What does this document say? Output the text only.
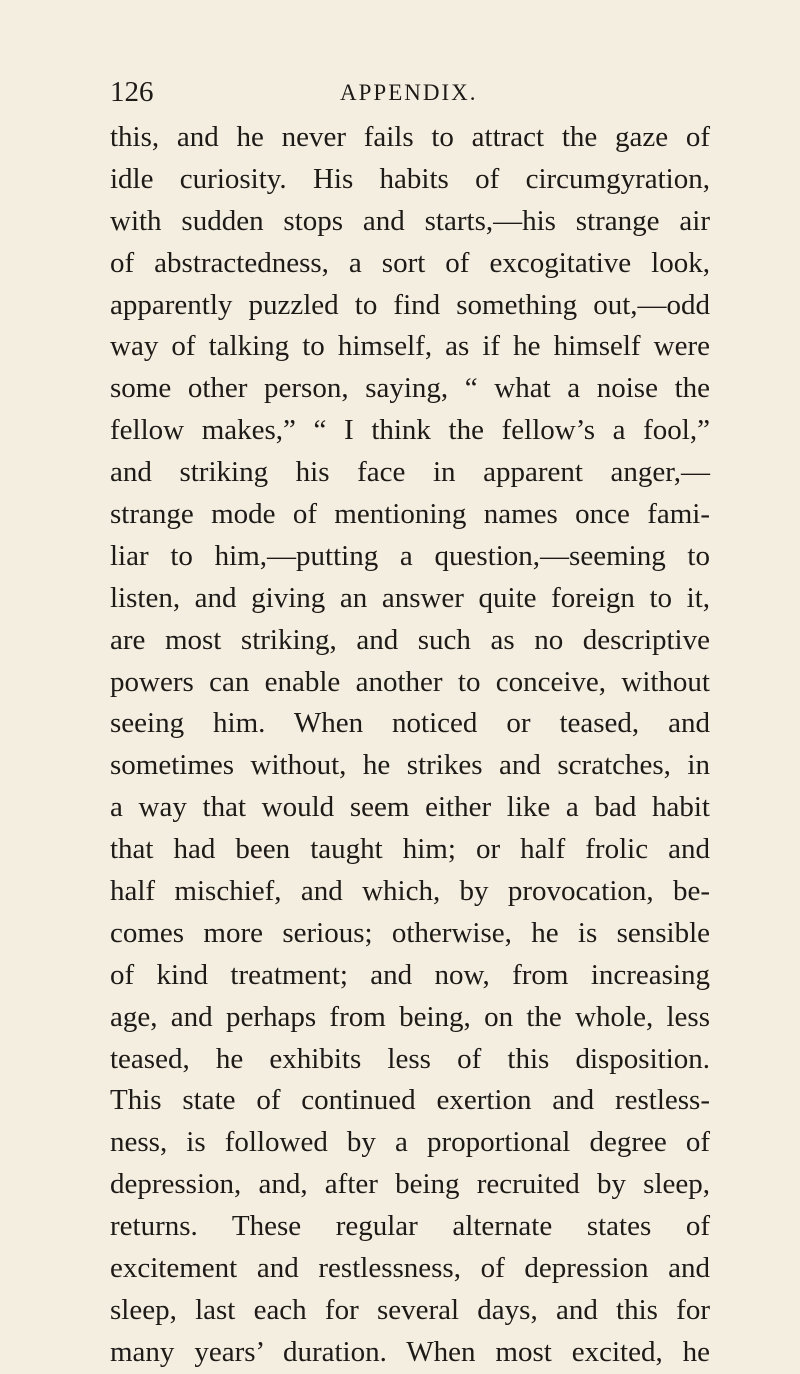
126	APPENDIX.
this, and he never fails to attract the gaze of
idle curiosity. His habits of circumgyration,
with sudden stops and starts,—his strange air
of abstractedness, a sort of excogitative look,
apparently puzzled to find something out,—odd
way of talking to himself, as if he himself were
some other person, saying, “ what a noise the
fellow makes,” “ I think the fellow’s a fool,”
and striking his face in apparent anger,—
strange mode of mentioning names once fami-
liar to him,—putting a question,—seeming to
listen, and giving an answer quite foreign to it,
are most striking, and such as no descriptive
powers can enable another to conceive, without
seeing him. When noticed or teased, and
sometimes without, he strikes and scratches, in
a way that would seem either like a bad habit
that had been taught him; or half frolic and
half mischief, and which, by provocation, be-
comes more serious; otherwise, he is sensible
of kind treatment; and now, from increasing
age, and perhaps from being, on the whole, less
teased, he exhibits less of this disposition.
This state of continued exertion and restless-
ness, is followed by a proportional degree of
depression, and, after being recruited by sleep,
returns. These regular alternate states of
excitement and restlessness, of depression and
sleep, last each for several days, and this for
many years’ duration. When most excited, he
